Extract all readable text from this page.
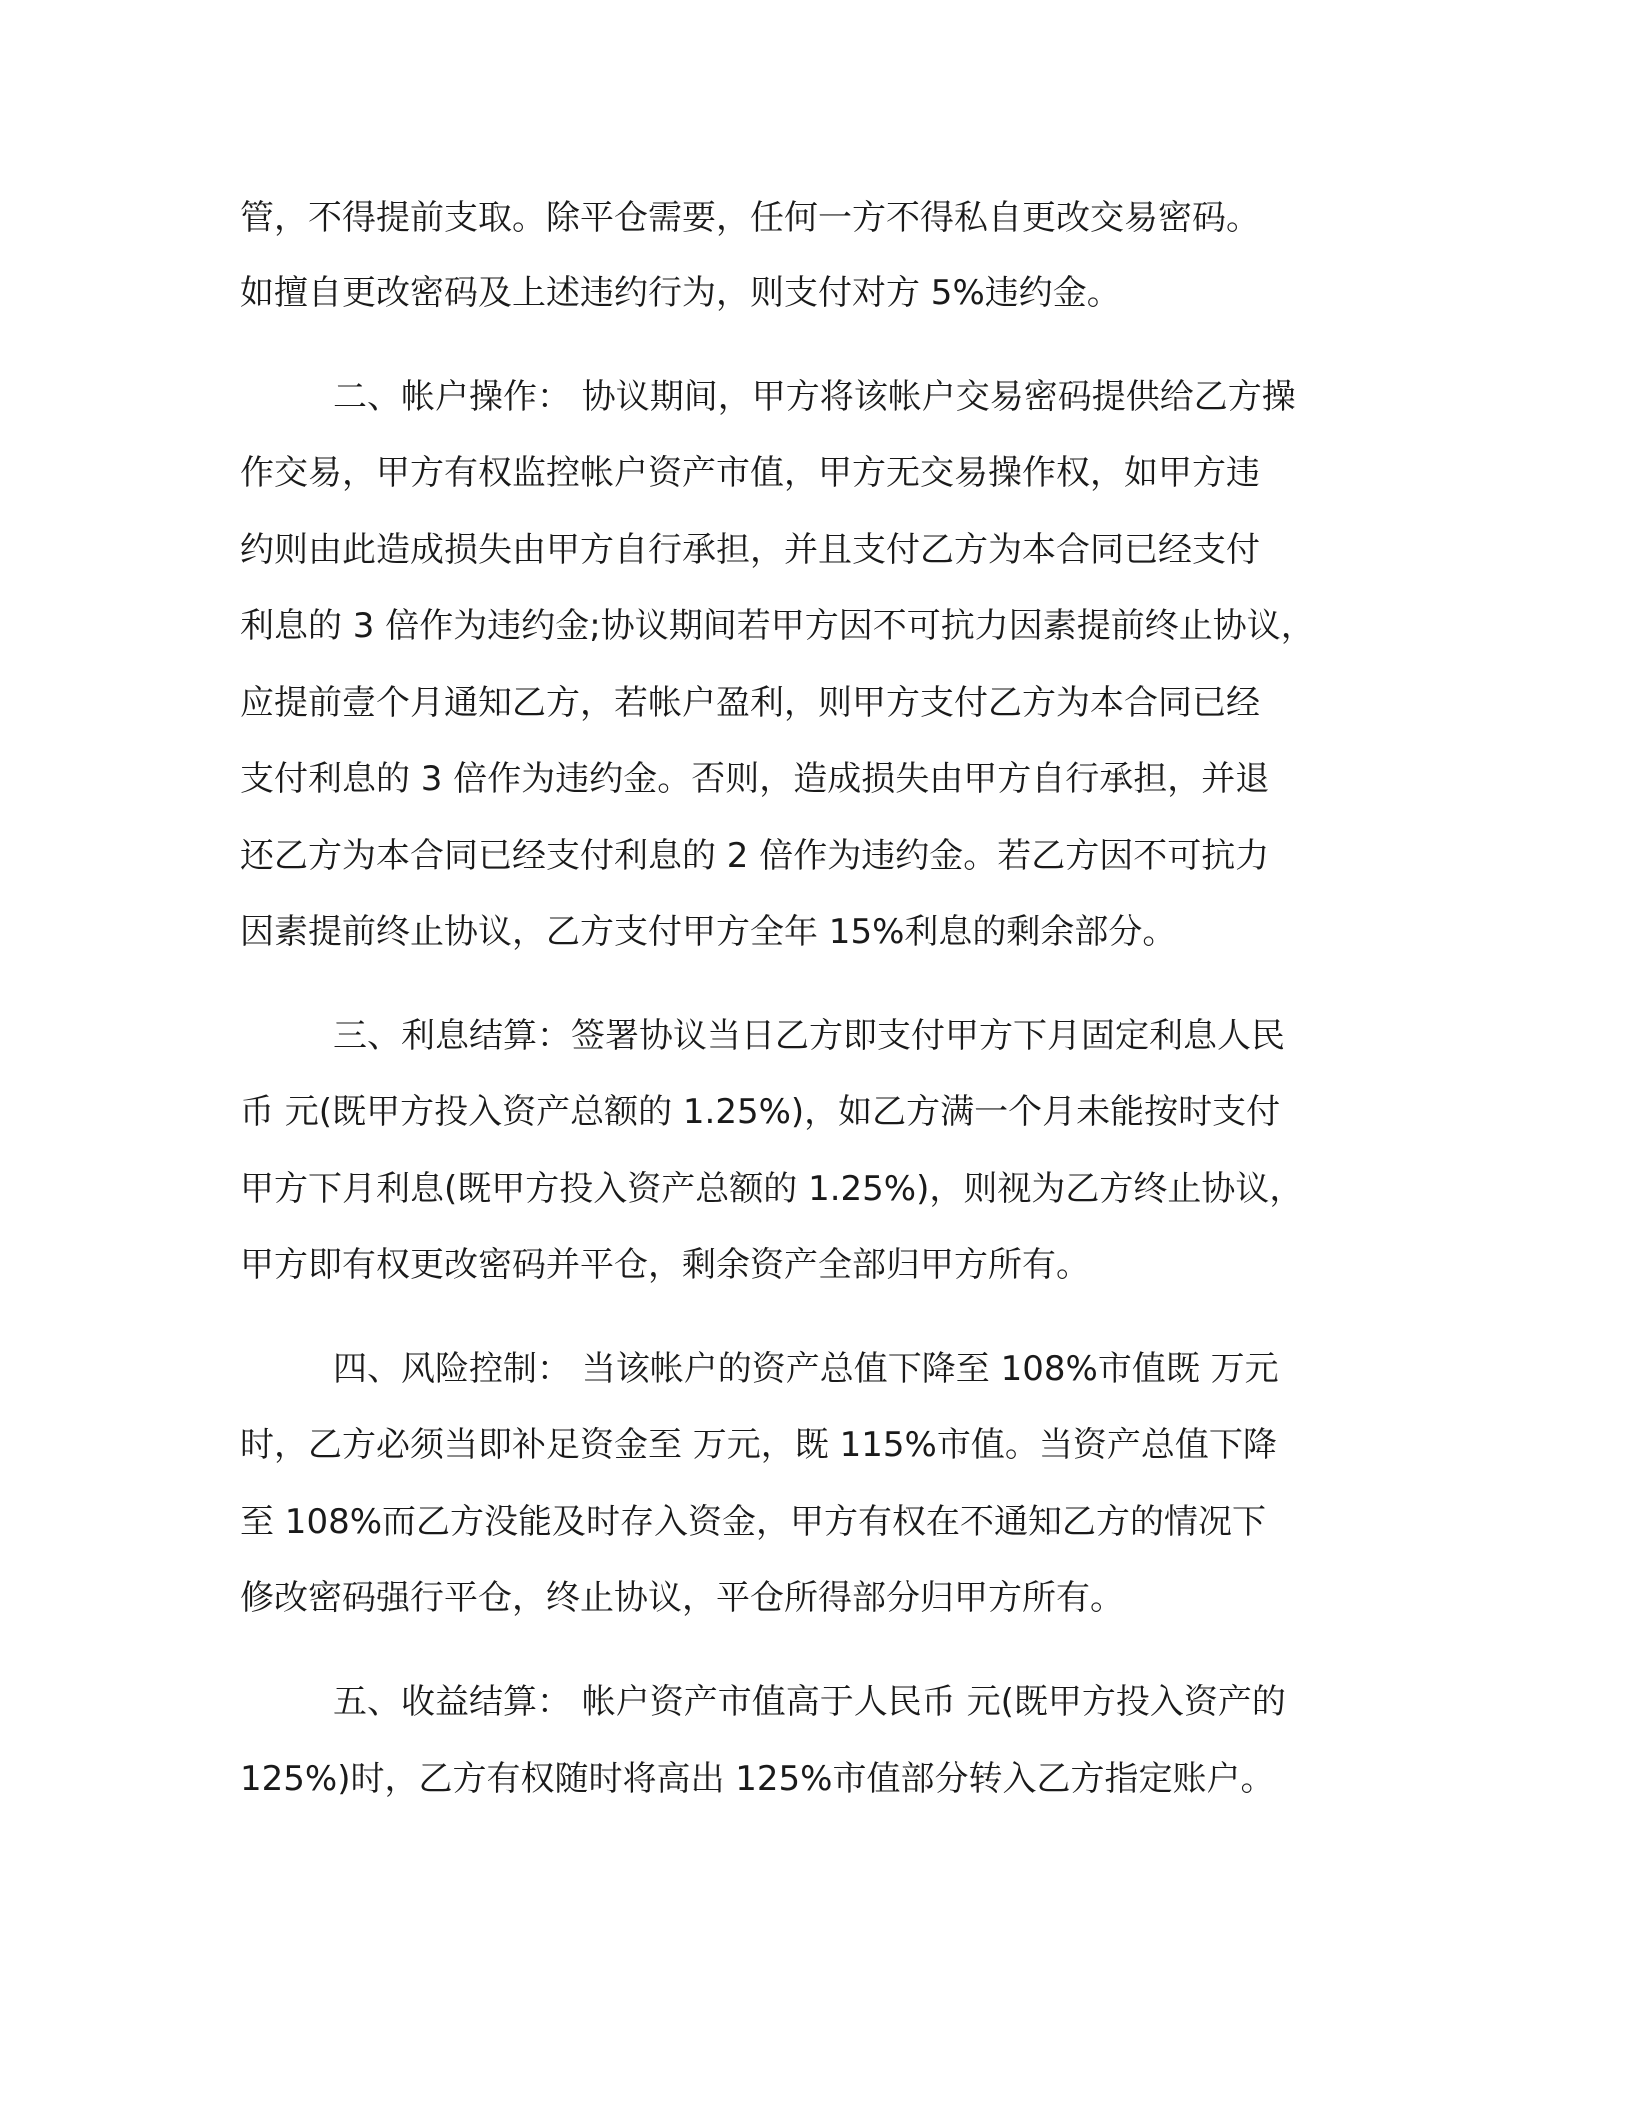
管，不得提前支取。除平仓需要，任何一方不得私自更改交易密码。
如擅自更改密码及上述违约行为，则支付对方 5%违约金。
二、帐户操作： 协议期间，甲方将该帐户交易密码提供给乙方操
作交易，甲方有权监控帐户资产市值，甲方无交易操作权，如甲方违
约则由此造成损失由甲方自行承担，并且支付乙方为本合同已经支付
利息的 3 倍作为违约金;协议期间若甲方因不可抗力因素提前终止协议，
应提前壹个月通知乙方，若帐户盈利，则甲方支付乙方为本合同已经
支付利息的 3 倍作为违约金。否则，造成损失由甲方自行承担，并退
还乙方为本合同已经支付利息的 2 倍作为违约金。若乙方因不可抗力
因素提前终止协议，乙方支付甲方全年 15%利息的剩余部分。
三、利息结算：签署协议当日乙方即支付甲方下月固定利息人民
币 元(既甲方投入资产总额的 1.25%)，如乙方满一个月未能按时支付
甲方下月利息(既甲方投入资产总额的 1.25%)，则视为乙方终止协议，
甲方即有权更改密码并平仓，剩余资产全部归甲方所有。
四、风险控制： 当该帐户的资产总值下降至 108%市值既 万元
时，乙方必须当即补足资金至 万元，既 115%市值。当资产总值下降
至 108%而乙方没能及时存入资金，甲方有权在不通知乙方的情况下
修改密码强行平仓，终止协议，平仓所得部分归甲方所有。
五、收益结算： 帐户资产市值高于人民币 元(既甲方投入资产的
125%)时，乙方有权随时将高出 125%市值部分转入乙方指定账户。
